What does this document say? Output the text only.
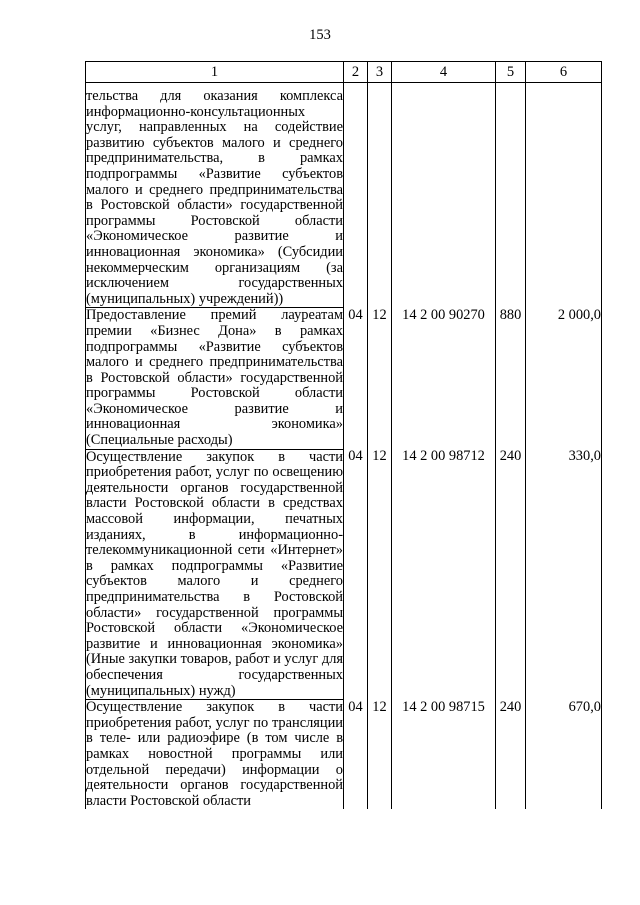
153
1	2	3	4	5	6
тельства для оказания комплекса информационно-консультационных услуг, направленных на содействие развитию субъектов малого и среднего предпринимательства, в рамках подпрограммы «Развитие субъектов малого и среднего предпринимательства в Ростовской области» государственной программы Ростовской области «Экономическое развитие и инновационная экономика» (Субсидии некоммерческим организациям (за исключением государственных (муниципальных) учреждений))					
Предоставление премий лауреатам премии «Бизнес Дона» в рамках подпрограммы «Развитие субъектов малого и среднего предпринимательства в Ростовской области» государственной программы Ростовской области «Экономическое развитие и инновационная экономика» (Специальные расходы)	04	12	14 2 00 90270	880	2 000,0
Осуществление закупок в части приобретения работ, услуг по освещению деятельности органов государственной власти Ростовской области в средствах массовой информации, печатных изданиях, в информационно-телекоммуникационной сети «Интернет» в рамках подпрограммы «Развитие субъектов малого и среднего предпринимательства в Ростовской области» государственной программы Ростовской области «Экономическое развитие и инновационная экономика» (Иные закупки товаров, работ и услуг для обеспечения государственных (муниципальных) нужд)	04	12	14 2 00 98712	240	330,0
Осуществление закупок в части приобретения работ, услуг по трансляции в теле- или радиоэфире (в том числе в рамках новостной программы или отдельной передачи) информации о деятельности органов государственной власти Ростовской области	04	12	14 2 00 98715	240	670,0
